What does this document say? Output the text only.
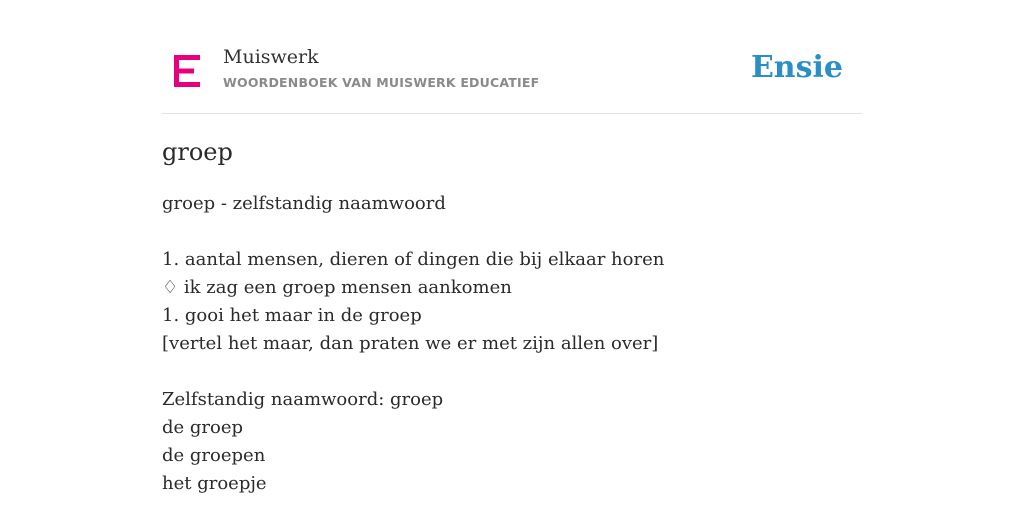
Muiswerk
WOORDENBOEK VAN MUISWERK EDUCATIEF	Ensie
groep
groep - zelfstandig naamwoord
1. aantal mensen, dieren of dingen die bij elkaar horen
♢ ik zag een groep mensen aankomen
1. gooi het maar in de groep
[vertel het maar, dan praten we er met zijn allen over]
Zelfstandig naamwoord: groep
de groep
de groepen
het groepje
